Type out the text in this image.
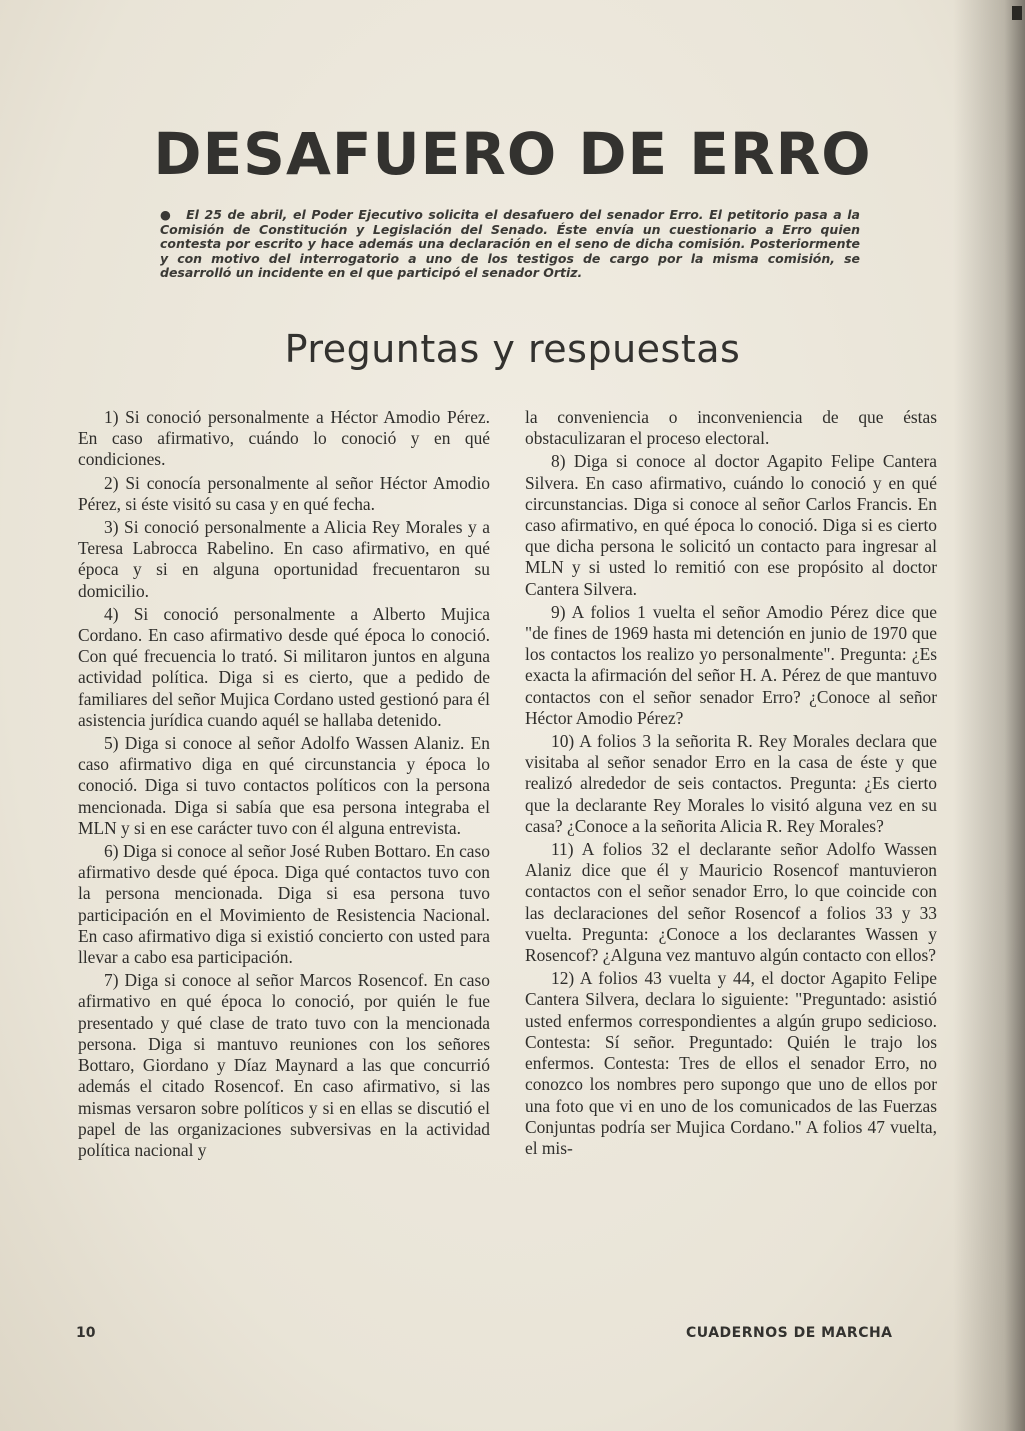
DESAFUERO DE ERRO

● El 25 de abril, el Poder Ejecutivo solicita el desafuero del senador Erro. El petitorio pasa a la Comisión de Constitución y Legislación del Senado. Éste envía un cuestionario a Erro quien contesta por escrito y hace además una declaración en el seno de dicha comisión. Posteriormente y con motivo del interrogatorio a uno de los testigos de cargo por la misma comisión, se desarrolló un incidente en el que participó el senador Ortiz.

Preguntas y respuestas

1) Si conoció personalmente a Héctor Amodio Pérez. En caso afirmativo, cuándo lo conoció y en qué condiciones.

2) Si conocía personalmente al señor Héctor Amodio Pérez, si éste visitó su casa y en qué fecha.

3) Si conoció personalmente a Alicia Rey Morales y a Teresa Labrocca Rabelino. En caso afirmativo, en qué época y si en alguna oportunidad frecuentaron su domicilio.

4) Si conoció personalmente a Alberto Mujica Cordano. En caso afirmativo desde qué época lo conoció. Con qué frecuencia lo trató. Si militaron juntos en alguna actividad política. Diga si es cierto, que a pedido de familiares del señor Mujica Cordano usted gestionó para él asistencia jurídica cuando aquél se hallaba detenido.

5) Diga si conoce al señor Adolfo Wassen Alaniz. En caso afirmativo diga en qué circunstancia y época lo conoció. Diga si tuvo contactos políticos con la persona mencionada. Diga si sabía que esa persona integraba el MLN y si en ese carácter tuvo con él alguna entrevista.

6) Diga si conoce al señor José Ruben Bottaro. En caso afirmativo desde qué época. Diga qué contactos tuvo con la persona mencionada. Diga si esa persona tuvo participación en el Movimiento de Resistencia Nacional. En caso afirmativo diga si existió concierto con usted para llevar a cabo esa participación.

7) Diga si conoce al señor Marcos Rosencof. En caso afirmativo en qué época lo conoció, por quién le fue presentado y qué clase de trato tuvo con la mencionada persona. Diga si mantuvo reuniones con los señores Bottaro, Giordano y Díaz Maynard a las que concurrió además el citado Rosencof. En caso afirmativo, si las mismas versaron sobre políticos y si en ellas se discutió el papel de las organizaciones subversivas en la actividad política nacional y

la conveniencia o inconveniencia de que éstas obstaculizaran el proceso electoral.

8) Diga si conoce al doctor Agapito Felipe Cantera Silvera. En caso afirmativo, cuándo lo conoció y en qué circunstancias. Diga si conoce al señor Carlos Francis. En caso afirmativo, en qué época lo conoció. Diga si es cierto que dicha persona le solicitó un contacto para ingresar al MLN y si usted lo remitió con ese propósito al doctor Cantera Silvera.

9) A folios 1 vuelta el señor Amodio Pérez dice que "de fines de 1969 hasta mi detención en junio de 1970 que los contactos los realizo yo personalmente". Pregunta: ¿Es exacta la afirmación del señor H. A. Pérez de que mantuvo contactos con el señor senador Erro? ¿Conoce al señor Héctor Amodio Pérez?

10) A folios 3 la señorita R. Rey Morales declara que visitaba al señor senador Erro en la casa de éste y que realizó alrededor de seis contactos. Pregunta: ¿Es cierto que la declarante Rey Morales lo visitó alguna vez en su casa? ¿Conoce a la señorita Alicia R. Rey Morales?

11) A folios 32 el declarante señor Adolfo Wassen Alaniz dice que él y Mauricio Rosencof mantuvieron contactos con el señor senador Erro, lo que coincide con las declaraciones del señor Rosencof a folios 33 y 33 vuelta. Pregunta: ¿Conoce a los declarantes Wassen y Rosencof? ¿Alguna vez mantuvo algún contacto con ellos?

12) A folios 43 vuelta y 44, el doctor Agapito Felipe Cantera Silvera, declara lo siguiente: "Preguntado: asistió usted enfermos correspondientes a algún grupo sedicioso. Contesta: Sí señor. Preguntado: Quién le trajo los enfermos. Contesta: Tres de ellos el senador Erro, no conozco los nombres pero supongo que uno de ellos por una foto que vi en uno de los comunicados de las Fuerzas Conjuntas podría ser Mujica Cordano." A folios 47 vuelta, el mis-

10	CUADERNOS DE MARCHA
